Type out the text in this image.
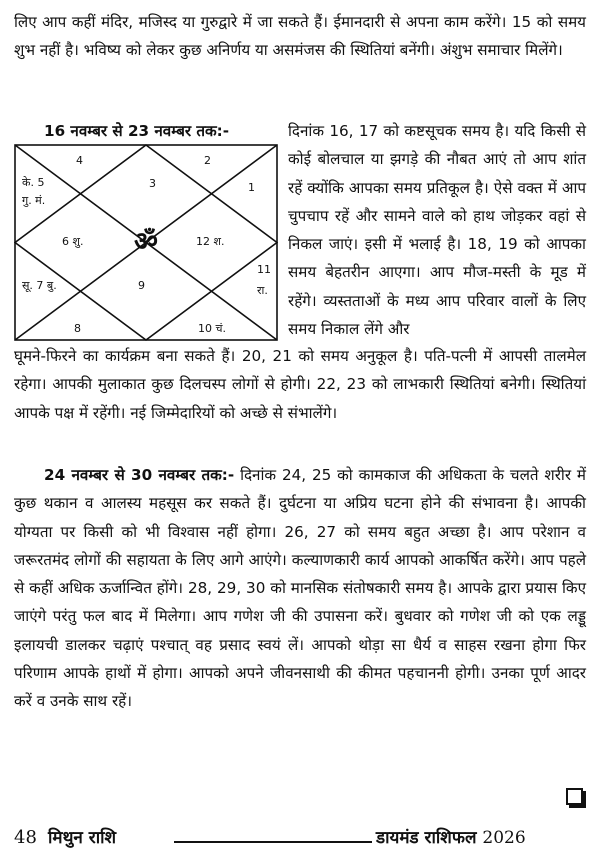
लिए आप कहीं मंदिर, मजिस्द या गुरुद्वारे में जा सकते हैं। ईमानदारी से अपना काम करेंगे। 15 को समय शुभ नहीं है। भविष्य को लेकर कुछ अनिर्णय या असमंजस की स्थितियां बनेंगी। अंशुभ समाचार मिलेंगे।

16 नवम्बर से 23 नवम्बर तक:-
4	2
3
के. 5
गु. मं.
1
6 शु.	12 श.
सू. 7 बु.	9
11
रा.
8	10 चं.
ॐ

दिनांक 16, 17 को कष्टसूचक समय है। यदि किसी से कोई बोलचाल या झगड़े की नौबत आएं तो आप शांत रहें क्योंकि आपका समय प्रतिकूल है। ऐसे वक्त में आप चुपचाप रहें और सामने वाले को हाथ जोड़कर वहां से निकल जाएं। इसी में भलाई है। 18, 19 को आपका समय बेहतरीन आएगा। आप मौज-मस्ती के मूड में रहेंगे। व्यस्तताओं के मध्य आप परिवार वालों के लिए समय निकाल लेंगे और

घूमने-फिरने का कार्यक्रम बना सकते हैं। 20, 21 को समय अनुकूल है। पति-पत्नी में आपसी तालमेल रहेगा। आपकी मुलाकात कुछ दिलचस्प लोगों से होगी। 22, 23 को लाभकारी स्थितियां बनेगी। स्थितियां आपके पक्ष में रहेंगी। नई जिम्मेदारियों को अच्छे से संभालेंगे।

24 नवम्बर से 30 नवम्बर तक:- दिनांक 24, 25 को कामकाज की अधिकता के चलते शरीर में कुछ थकान व आलस्य महसूस कर सकते हैं। दुर्घटना या अप्रिय घटना होने की संभावना है। आपकी योग्यता पर किसी को भी विश्वास नहीं होगा। 26, 27 को समय बहुत अच्छा है। आप परेशान व जरूरतमंद लोगों की सहायता के लिए आगे आएंगे। कल्याणकारी कार्य आपको आकर्षित करेंगे। आप पहले से कहीं अधिक ऊर्जान्वित होंगे। 28, 29, 30 को मानसिक संतोषकारी समय है। आपके द्वारा प्रयास किए जाएंगे परंतु फल बाद में मिलेगा। आप गणेश जी की उपासना करें। बुधवार को गणेश जी को एक लड्डू इलायची डालकर चढ़ाएं पश्चात् वह प्रसाद स्वयं लें। आपको थोड़ा सा धैर्य व साहस रखना होगा फिर परिणाम आपके हाथों में होगा। आपको अपने जीवनसाथी की कीमत पहचाननी होगी। उनका पूर्ण आदर करें व उनके साथ रहें।

48 मिथुन राशि	डायमंड राशिफल 2026
